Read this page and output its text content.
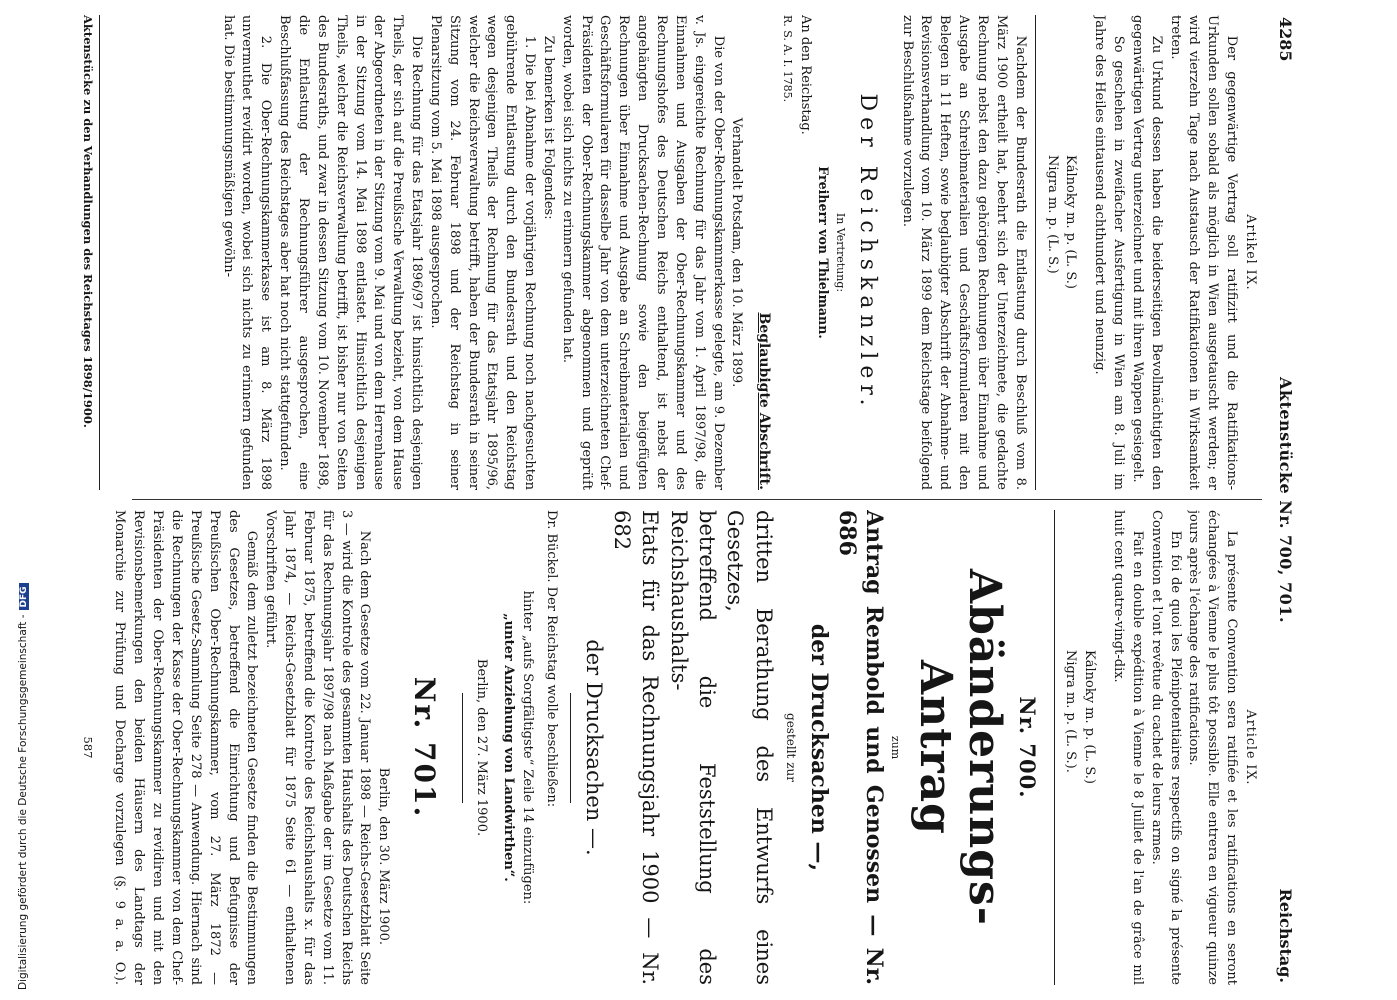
Digitalisierung gefördert durch die Deutsche Forschungsgemeinschaft -DFG
4285
Aktenstücke Nr. 700, 701.
Reichstag.

Artikel IX.

Der gegenwärtige Vertrag soll ratifizirt und die Ratifikations-Urkunden sollen sobald als möglich in Wien ausgetauscht werden; er wird vierzehn Tage nach Austausch der Ratifikationen in Wirksamkeit treten.

Zu Urkund dessen haben die beiderseitigen Bevollmächtigten den gegenwärtigen Vertrag unterzeichnet und mit ihren Wappen gesiegelt.

So geschehen in zweifacher Ausfertigung in Wien am 8. Juli im Jahre des Heiles eintausend achthundert und neunzig.

Kálnoky m. p. (L. S.)

Nigra m. p. (L. S.)

Nachdem der Bundesrath die Entlastung durch Beschluß vom 8. März 1900 ertheilt hat, beehrt sich der Unterzeichnete, die gedachte Rechnung nebst den dazu gehörigen Rechnungen über Einnahme und Ausgabe an Schreibmaterialien und Geschäftsformularen mit den Belegen in 11 Heften, sowie beglaubigter Abschrift der Abnahme- und Revisionsverhandlung vom 10. März 1899 dem Reichstage beifolgend zur Beschlußnahme vorzulegen.

Der Reichskanzler.

In Vertretung:

Freiherr von Thielmann.

An den Reichstag.

R. S. A. I. 1785.

Beglaubigte Abschrift.

Verhandelt Potsdam, den 10. März 1899.

Die von der Ober-Rechnungskammerkasse gelegte, am 9. Dezember v. Js. eingereichte Rechnung für das Jahr vom 1. April 1897/98, die Einnahmen und Ausgaben der Ober-Rechnungskammer und des Rechnungshofes des Deutschen Reichs enthaltend, ist nebst der angehängten Drucksachen-Rechnung sowie den beigefügten Rechnungen über Einnahme und Ausgabe an Schreibmaterialien und Geschäftsformularen für dasselbe Jahr von dem unterzeichneten Chef-Präsidenten der Ober-Rechnungskammer abgenommen und geprüft worden, wobei sich nichts zu erinnern gefunden hat.

Zu bemerken ist Folgendes:

1. Die bei Abnahme der vorjährigen Rechnung noch nachgesuchten gebührende Entlastung durch den Bundesrath und den Reichstag wegen desjenigen Theils der Rechnung für das Etatsjahr 1895/96, welcher die Reichsverwaltung betrifft, haben der Bundesrath in seiner Sitzung vom 24. Februar 1898 und der Reichstag in seiner Plenarsitzung vom 5. Mai 1898 ausgesprochen.

Die Rechnung für das Etatsjahr 1896/97 ist hinsichtlich desjenigen Theils, der sich auf die Preußische Verwaltung bezieht, von dem Hause der Abgeordneten in der Sitzung vom 9. Mai und von dem Herrenhause in der Sitzung vom 14. Mai 1898 entlastet. Hinsichtlich desjenigen Theils, welcher die Reichsverwaltung betrifft, ist bisher nur von Seiten des Bundesraths, und zwar in dessen Sitzung vom 10. November 1898, die Entlastung der Rechnungsführer ausgesprochen, eine Beschlußfassung des Reichstages aber hat noch nicht stattgefunden.

2. Die Ober-Rechnungskammerkasse ist am 8. März 1898 unvermuthet revidirt worden, wobei sich nichts zu erinnern gefunden hat. Die bestimmungsmäßigen gewöhn-

Article IX.

La présente Convention sera ratifiée et les ratifications en seront échangées à Vienne le plus tôt possible. Elle entrera en vigueur quinze jours après l'échange des ratifications.

En foi de quoi les Plénipotentiaires respectifs on signé la présente Convention et l'ont revêtue du cachet de leurs armes.

Fait en double expédition à Vienne le 8 Juillet de l'an de grâce mil huit cent quatre-vingt-dix.

Kálnoky m. p. (L. S.)

Nigra m. p. (L. S.).

Nr. 700.

Abänderungs-Antrag

zum

Antrag Rembold und Genossen — Nr. 686

der Drucksachen —,

gestellt zur

dritten Berathung des Entwurfs eines Gesetzes,

betreffend die Feststellung des Reichshaushalts-

Etats für das Rechnungsjahr 1900 — Nr. 682

der Drucksachen —.

Dr. Bückel. Der Reichstag wolle beschließen:

hinter „aufs Sorgfältigste“ Zeile 14 einzufügen:

„unter Anziehung von Landwirthen“.

Berlin, den 27. März 1900.

Nr. 701.

Berlin, den 30. März 1900.

Nach dem Gesetze vom 22. Januar 1898 — Reichs-Gesetzblatt Seite 3 — wird die Kontrole des gesammten Haushalts des Deutschen Reichs für das Rechnungsjahr 1897/98 nach Maßgabe der im Gesetze vom 11. Februar 1875, betreffend die Kontrole des Reichshaushalts x. für das Jahr 1874, — Reichs-Gesetzblatt für 1875 Seite 61 — enthaltenen Vorschriften geführt.

Gemäß dem zuletzt bezeichneten Gesetze finden die Bestimmungen des Gesetzes, betreffend die Einrichtung und Befugnisse der Preußischen Ober-Rechnungskammer, vom 27. März 1872 — Preußische Gesetz-Sammlung Seite 278 — Anwendung. Hiernach sind die Rechnungen der Kasse der Ober-Rechnungskammer von dem Chef-Präsidenten der Ober-Rechnungskammer zu revidiren und mit den Revisionsbemerkungen den beiden Häusern des Landtags der Monarchie zur Prüfung und Decharge vorzulegen (§. 9 a. a. O.).

Aktenstücke zu den Verhandlungen des Reichstages 1898/1900.
587
